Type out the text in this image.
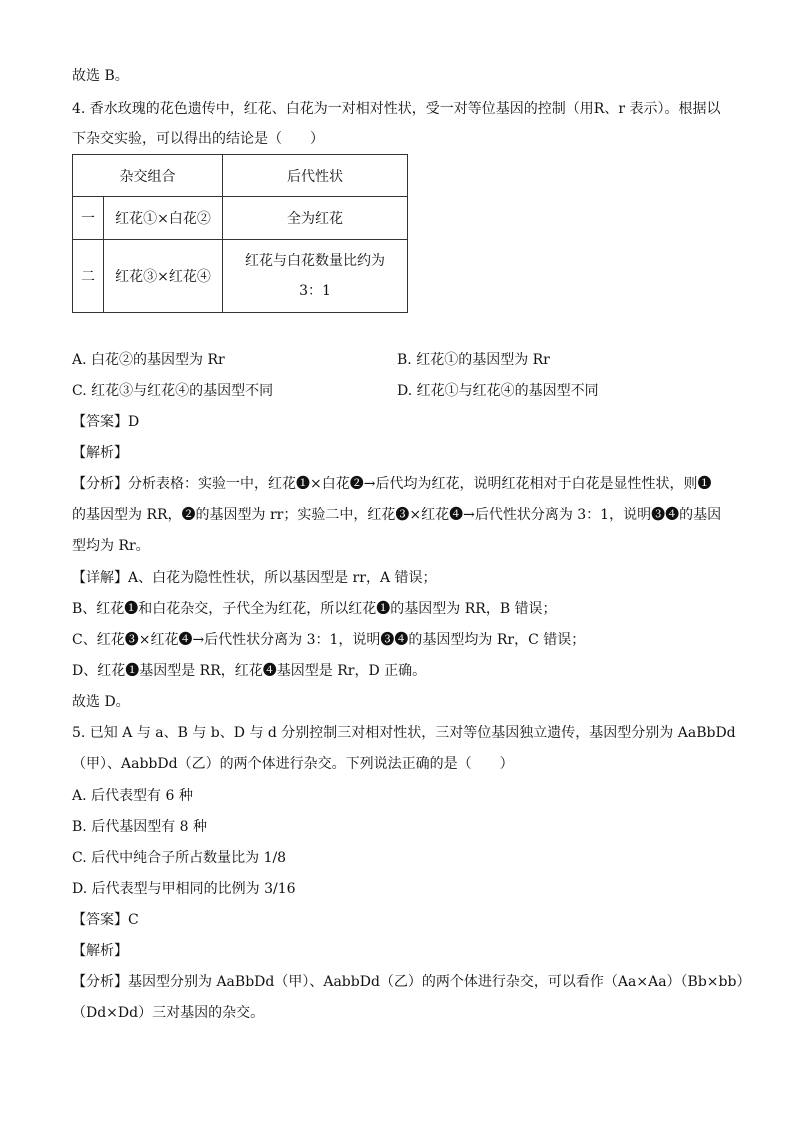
故选 B。
4. 香水玫瑰的花色遗传中，红花、白花为一对相对性状，受一对等位基因的控制（用R、r 表示）。根据以
下杂交实验，可以得出的结论是（　　）
杂交组合		后代性状
一	红花①×白花②	全为红花
二	红花③×红花④	红花与白花数量比约为
3：1
A. 白花②的基因型为 Rr	B. 红花①的基因型为 Rr
C. 红花③与红花④的基因型不同	D. 红花①与红花④的基因型不同
【答案】D
【解析】
【分析】分析表格：实验一中，红花❶×白花❷→后代均为红花，说明红花相对于白花是显性性状，则❶
的基因型为 RR，❷的基因型为 rr；实验二中，红花❸×红花❹→后代性状分离为 3：1，说明❸❹的基因
型均为 Rr。
【详解】A、白花为隐性性状，所以基因型是 rr，A 错误；
B、红花❶和白花杂交，子代全为红花，所以红花❶的基因型为 RR，B 错误；
C、红花❸×红花❹→后代性状分离为 3：1，说明❸❹的基因型均为 Rr，C 错误；
D、红花❶基因型是 RR，红花❹基因型是 Rr，D 正确。
故选 D。
5. 已知 A 与 a、B 与 b、D 与 d 分别控制三对相对性状，三对等位基因独立遗传，基因型分别为 AaBbDd
（甲）、AabbDd（乙）的两个体进行杂交。下列说法正确的是（　　）
A. 后代表型有 6 种
B. 后代基因型有 8 种
C. 后代中纯合子所占数量比为 1/8
D. 后代表型与甲相同的比例为 3/16
【答案】C
【解析】
【分析】基因型分别为 AaBbDd（甲）、AabbDd（乙）的两个体进行杂交，可以看作（Aa×Aa）（Bb×bb）
（Dd×Dd）三对基因的杂交。
